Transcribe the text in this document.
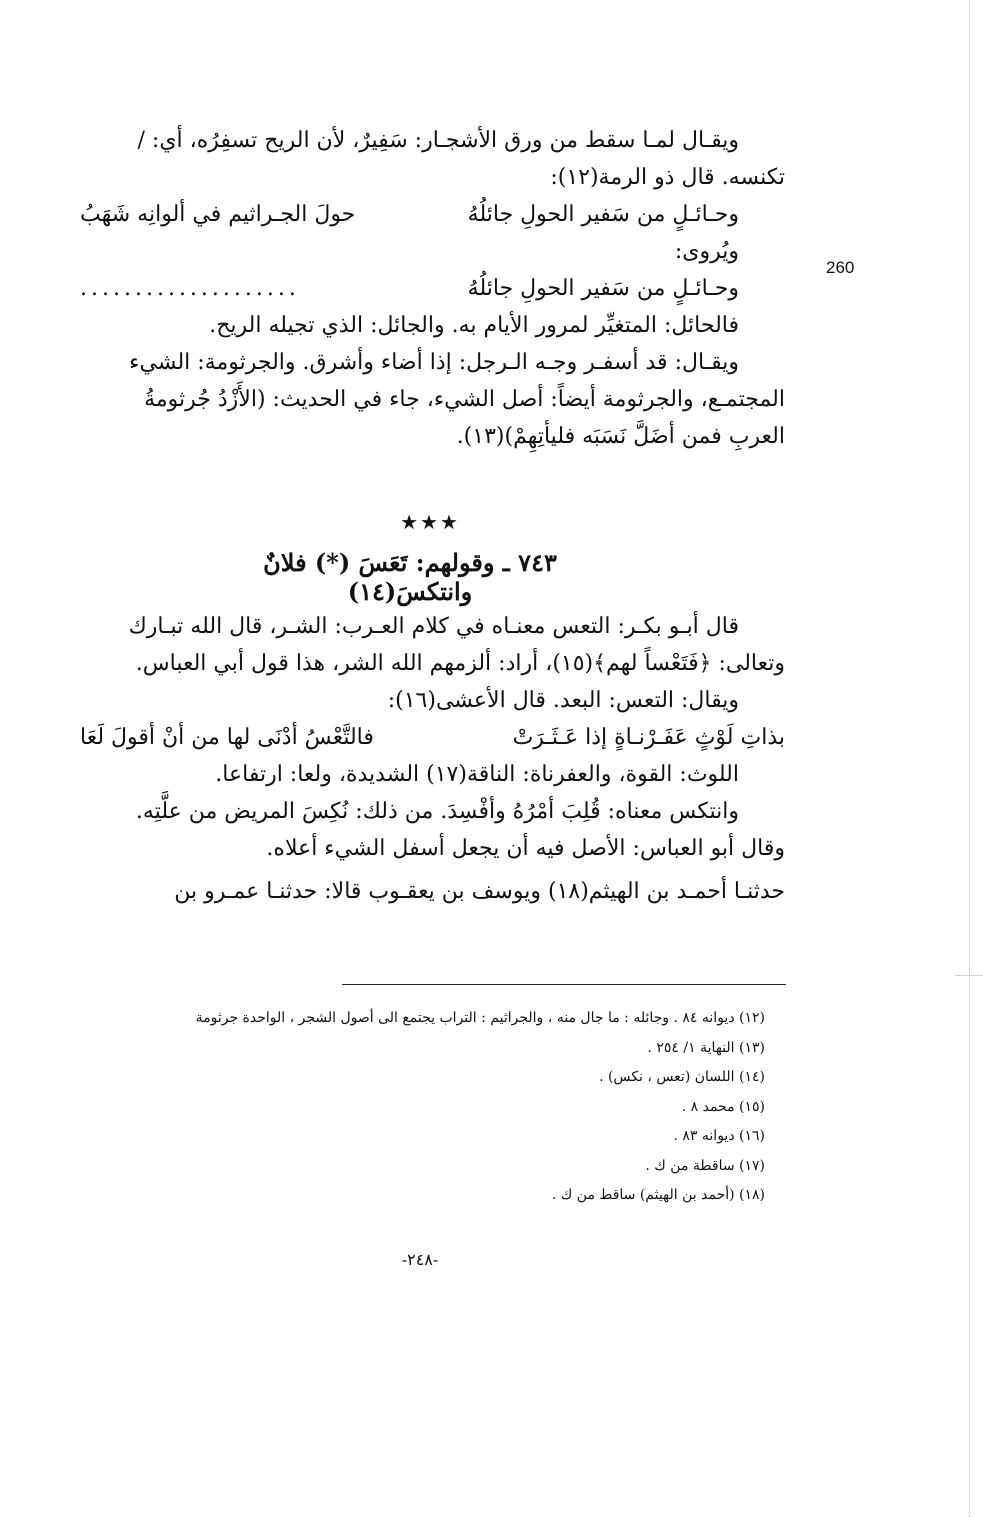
260
ويقـال لمـا سقط من ورق الأشجـار: سَفِيرٌ، لأن الريح تسفِرُه، أي: /
تكنسه. قال ذو الرمة(١٢):
وحـائـلٍ من سَفير الحولِ جائلُهُ
حولَ الجـراثيم في ألوانِه شَهَبُ
ويُروى:
وحـائـلٍ من سَفير الحولِ جائلُهُ
....................
فالحائل: المتغيِّر لمرور الأيام به. والجائل: الذي تجيله الريح.
ويقـال: قد أسفـر وجـه الـرجل: إذا أضاء وأشرق. والجرثومة: الشيء
المجتمـع، والجرثومة أيضاً: أصل الشيء، جاء في الحديث: (الأَزْدُ جُرثومةُ
العربِ فمن أضَلَّ نَسَبَه فليأتِهِمْ)(١٣).
★★★
٧٤٣ ـ وقولهم: تَعَسَ (*) فلانٌ وانتكسَ(١٤)
قال أبـو بكـر: التعس معنـاه في كلام العـرب: الشـر، قال الله تبـارك
وتعالى: ﴿فَتَعْساً لهم﴾(١٥)، أراد: ألزمهم الله الشر، هذا قول أبي العباس.
ويقال: التعس: البعد. قال الأعشى(١٦):
بذاتِ لَوْثٍ عَفَـرْنـاةٍ إذا عَـثَـرَتْ
فالتَّعْسُ أدْنَى لها من أنْ أقولَ لَعَا
اللوث: القوة، والعفرناة: الناقة(١٧) الشديدة، ولعا: ارتفاعا.
وانتكس معناه: قُلِبَ أمْرُهُ وأفْسِدَ. من ذلك: نُكِسَ المريض من علَّتِه.
وقال أبو العباس: الأصل فيه أن يجعل أسفل الشيء أعلاه.
حدثنـا أحمـد بن الهيثم(١٨) ويوسف بن يعقـوب قالا: حدثنـا عمـرو بن
(١٢) ديوانه ٨٤ . وجائله : ما جال منه ، والجراثيم : التراب يجتمع الى أصول الشجر ، الواحدة جرثومة
(١٣) النهاية ١/ ٢٥٤ .
(١٤) اللسان (تعس ، نكس) .
(١٥) محمد ٨ .
(١٦) ديوانه ٨٣ .
(١٧) ساقطة من ك .
(١٨) (أحمد بن الهيثم) ساقط من ك .
-٢٤٨-
